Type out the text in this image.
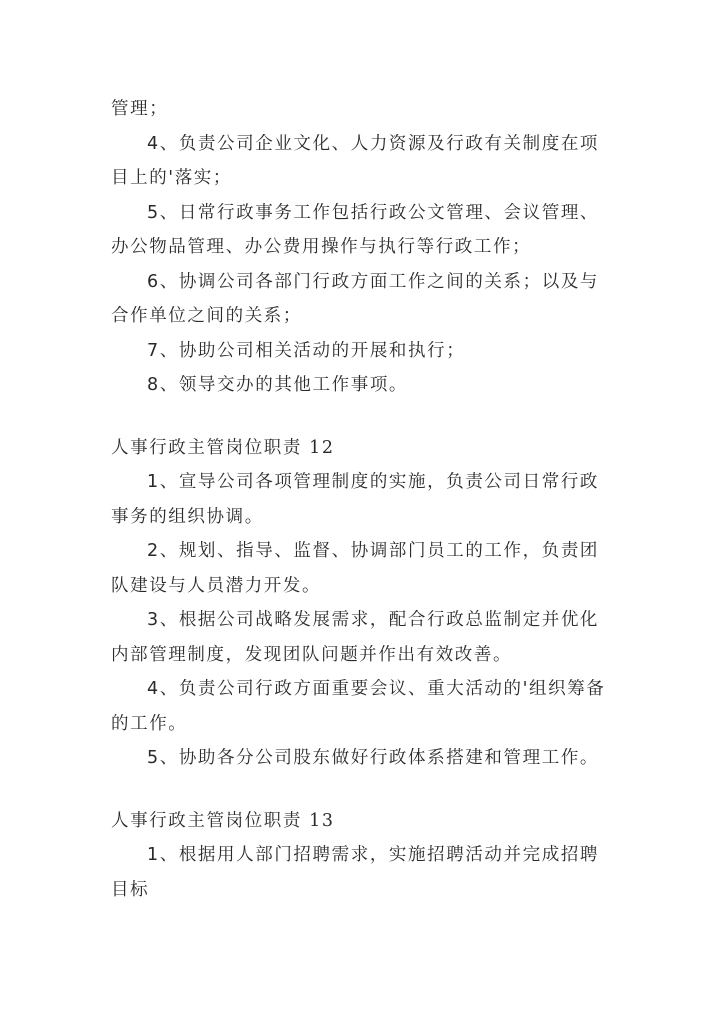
管理；
4、负责公司企业文化、人力资源及行政有关制度在项
目上的'落实；
5、日常行政事务工作包括行政公文管理、会议管理、
办公物品管理、办公费用操作与执行等行政工作；
6、协调公司各部门行政方面工作之间的关系；以及与
合作单位之间的关系；
7、协助公司相关活动的开展和执行；
8、领导交办的其他工作事项。
人事行政主管岗位职责 12
1、宣导公司各项管理制度的实施，负责公司日常行政
事务的组织协调。
2、规划、指导、监督、协调部门员工的工作，负责团
队建设与人员潜力开发。
3、根据公司战略发展需求，配合行政总监制定并优化
内部管理制度，发现团队问题并作出有效改善。
4、负责公司行政方面重要会议、重大活动的'组织筹备
的工作。
5、协助各分公司股东做好行政体系搭建和管理工作。
人事行政主管岗位职责 13
1、根据用人部门招聘需求，实施招聘活动并完成招聘
目标
